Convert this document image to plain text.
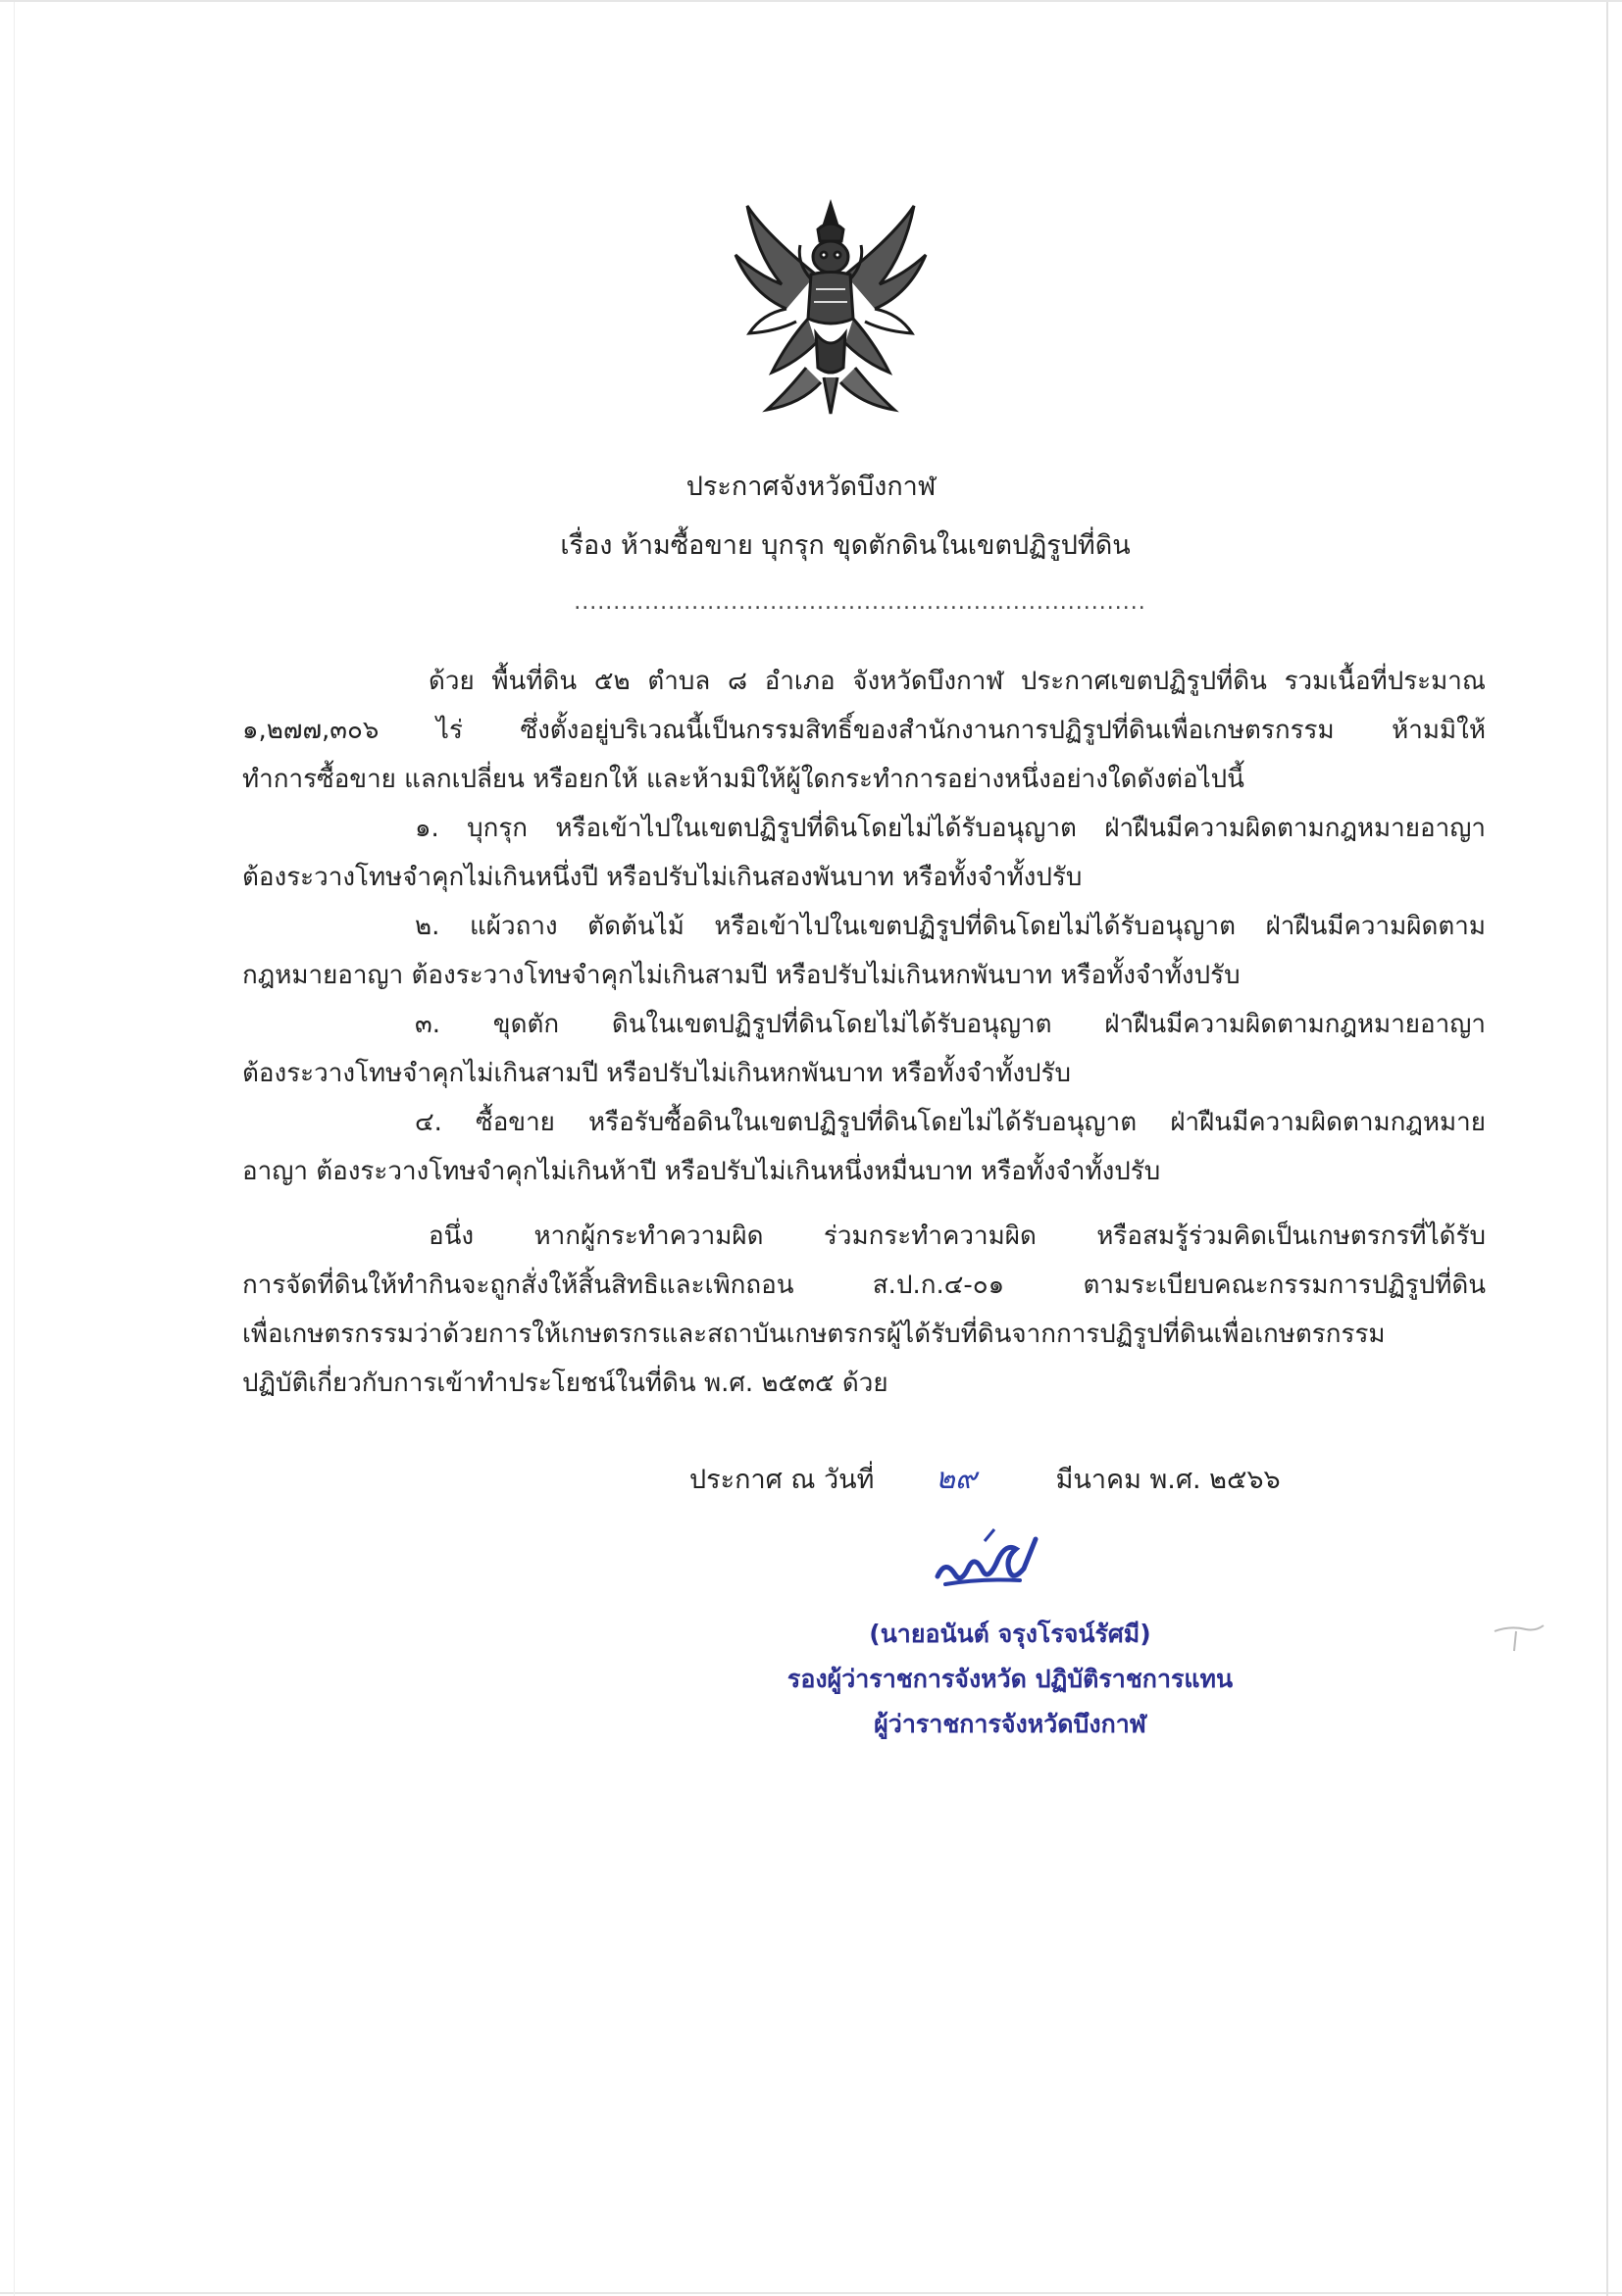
ประกาศจังหวัดบึงกาฬ
เรื่อง ห้ามซื้อขาย บุกรุก ขุดตักดินในเขตปฏิรูปที่ดิน
.........................................................................
ด้วย พื้นที่ดิน ๕๒ ตำบล ๘ อำเภอ จังหวัดบึงกาฬ ประกาศเขตปฏิรูปที่ดิน รวมเนื้อที่ประมาณ
๑,๒๗๗,๓๐๖ ไร่ ซึ่งตั้งอยู่บริเวณนี้เป็นกรรมสิทธิ์ของสำนักงานการปฏิรูปที่ดินเพื่อเกษตรกรรม ห้ามมิให้
ทำการซื้อขาย แลกเปลี่ยน หรือยกให้ และห้ามมิให้ผู้ใดกระทำการอย่างหนึ่งอย่างใดดังต่อไปนี้
๑. บุกรุก หรือเข้าไปในเขตปฏิรูปที่ดินโดยไม่ได้รับอนุญาต ฝ่าฝืนมีความผิดตามกฎหมายอาญา
ต้องระวางโทษจำคุกไม่เกินหนึ่งปี หรือปรับไม่เกินสองพันบาท หรือทั้งจำทั้งปรับ
๒. แผ้วถาง ตัดต้นไม้ หรือเข้าไปในเขตปฏิรูปที่ดินโดยไม่ได้รับอนุญาต ฝ่าฝืนมีความผิดตาม
กฎหมายอาญา ต้องระวางโทษจำคุกไม่เกินสามปี หรือปรับไม่เกินหกพันบาท หรือทั้งจำทั้งปรับ
๓. ขุดตัก ดินในเขตปฏิรูปที่ดินโดยไม่ได้รับอนุญาต ฝ่าฝืนมีความผิดตามกฎหมายอาญา
ต้องระวางโทษจำคุกไม่เกินสามปี หรือปรับไม่เกินหกพันบาท หรือทั้งจำทั้งปรับ
๔. ซื้อขาย หรือรับซื้อดินในเขตปฏิรูปที่ดินโดยไม่ได้รับอนุญาต ฝ่าฝืนมีความผิดตามกฎหมาย
อาญา ต้องระวางโทษจำคุกไม่เกินห้าปี หรือปรับไม่เกินหนึ่งหมื่นบาท หรือทั้งจำทั้งปรับ
อนึ่ง หากผู้กระทำความผิด ร่วมกระทำความผิด หรือสมรู้ร่วมคิดเป็นเกษตรกรที่ได้รับ
การจัดที่ดินให้ทำกินจะถูกสั่งให้สิ้นสิทธิและเพิกถอน ส.ป.ก.๔-๐๑ ตามระเบียบคณะกรรมการปฏิรูปที่ดิน
เพื่อเกษตรกรรมว่าด้วยการให้เกษตรกรและสถาบันเกษตรกรผู้ได้รับที่ดินจากการปฏิรูปที่ดินเพื่อเกษตรกรรม
ปฏิบัติเกี่ยวกับการเข้าทำประโยชน์ในที่ดิน พ.ศ. ๒๕๓๕ ด้วย
ประกาศ ณ วันที่ ๒๙	มีนาคม พ.ศ. ๒๕๖๖
(นายอนันต์ จรุงโรจน์รัศมี)
รองผู้ว่าราชการจังหวัด ปฏิบัติราชการแทน
ผู้ว่าราชการจังหวัดบึงกาฬ
